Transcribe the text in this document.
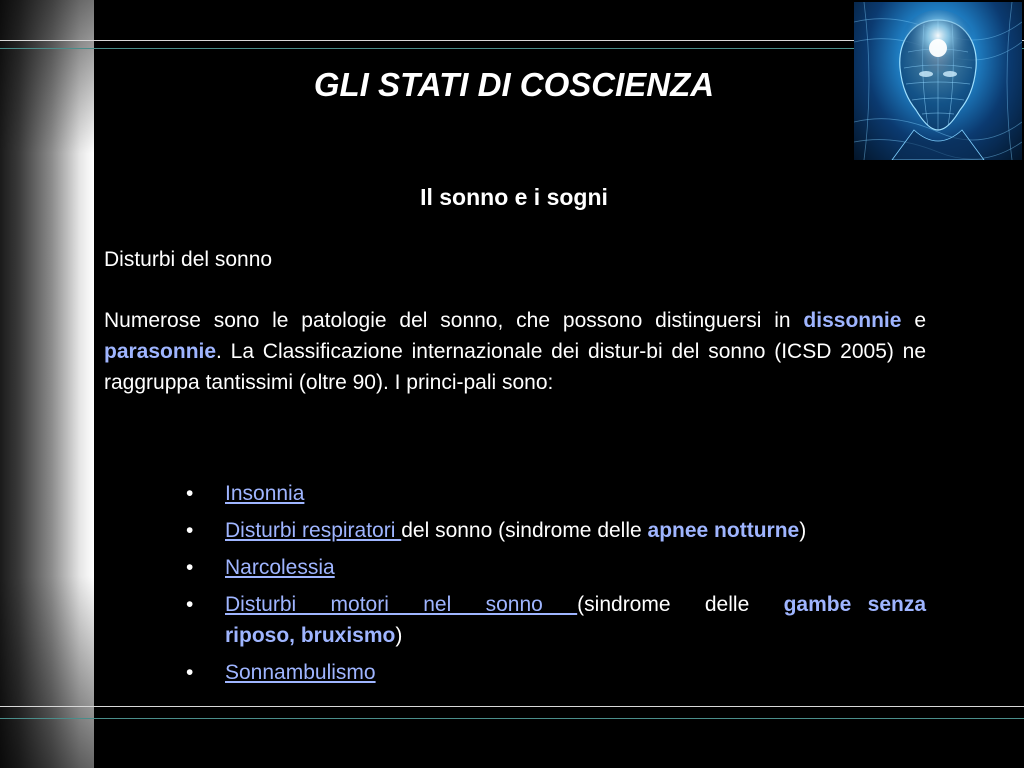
GLI STATI DI COSCIENZA
Il sonno e i sogni
Disturbi del sonno
Numerose sono le patologie del sonno, che possono distinguersi in dissonnie e parasonnie. La Classificazione internazionale dei distur-bi del sonno (ICSD 2005) ne raggruppa tantissimi (oltre 90). I princi-pali sono:
• Insonnia
• Disturbi respiratori del sonno (sindrome delle apnee notturne)
• Narcolessia
• Disturbi motori nel sonno (sindrome delle gambe senza riposo, bruxismo)
• Sonnambulismo
